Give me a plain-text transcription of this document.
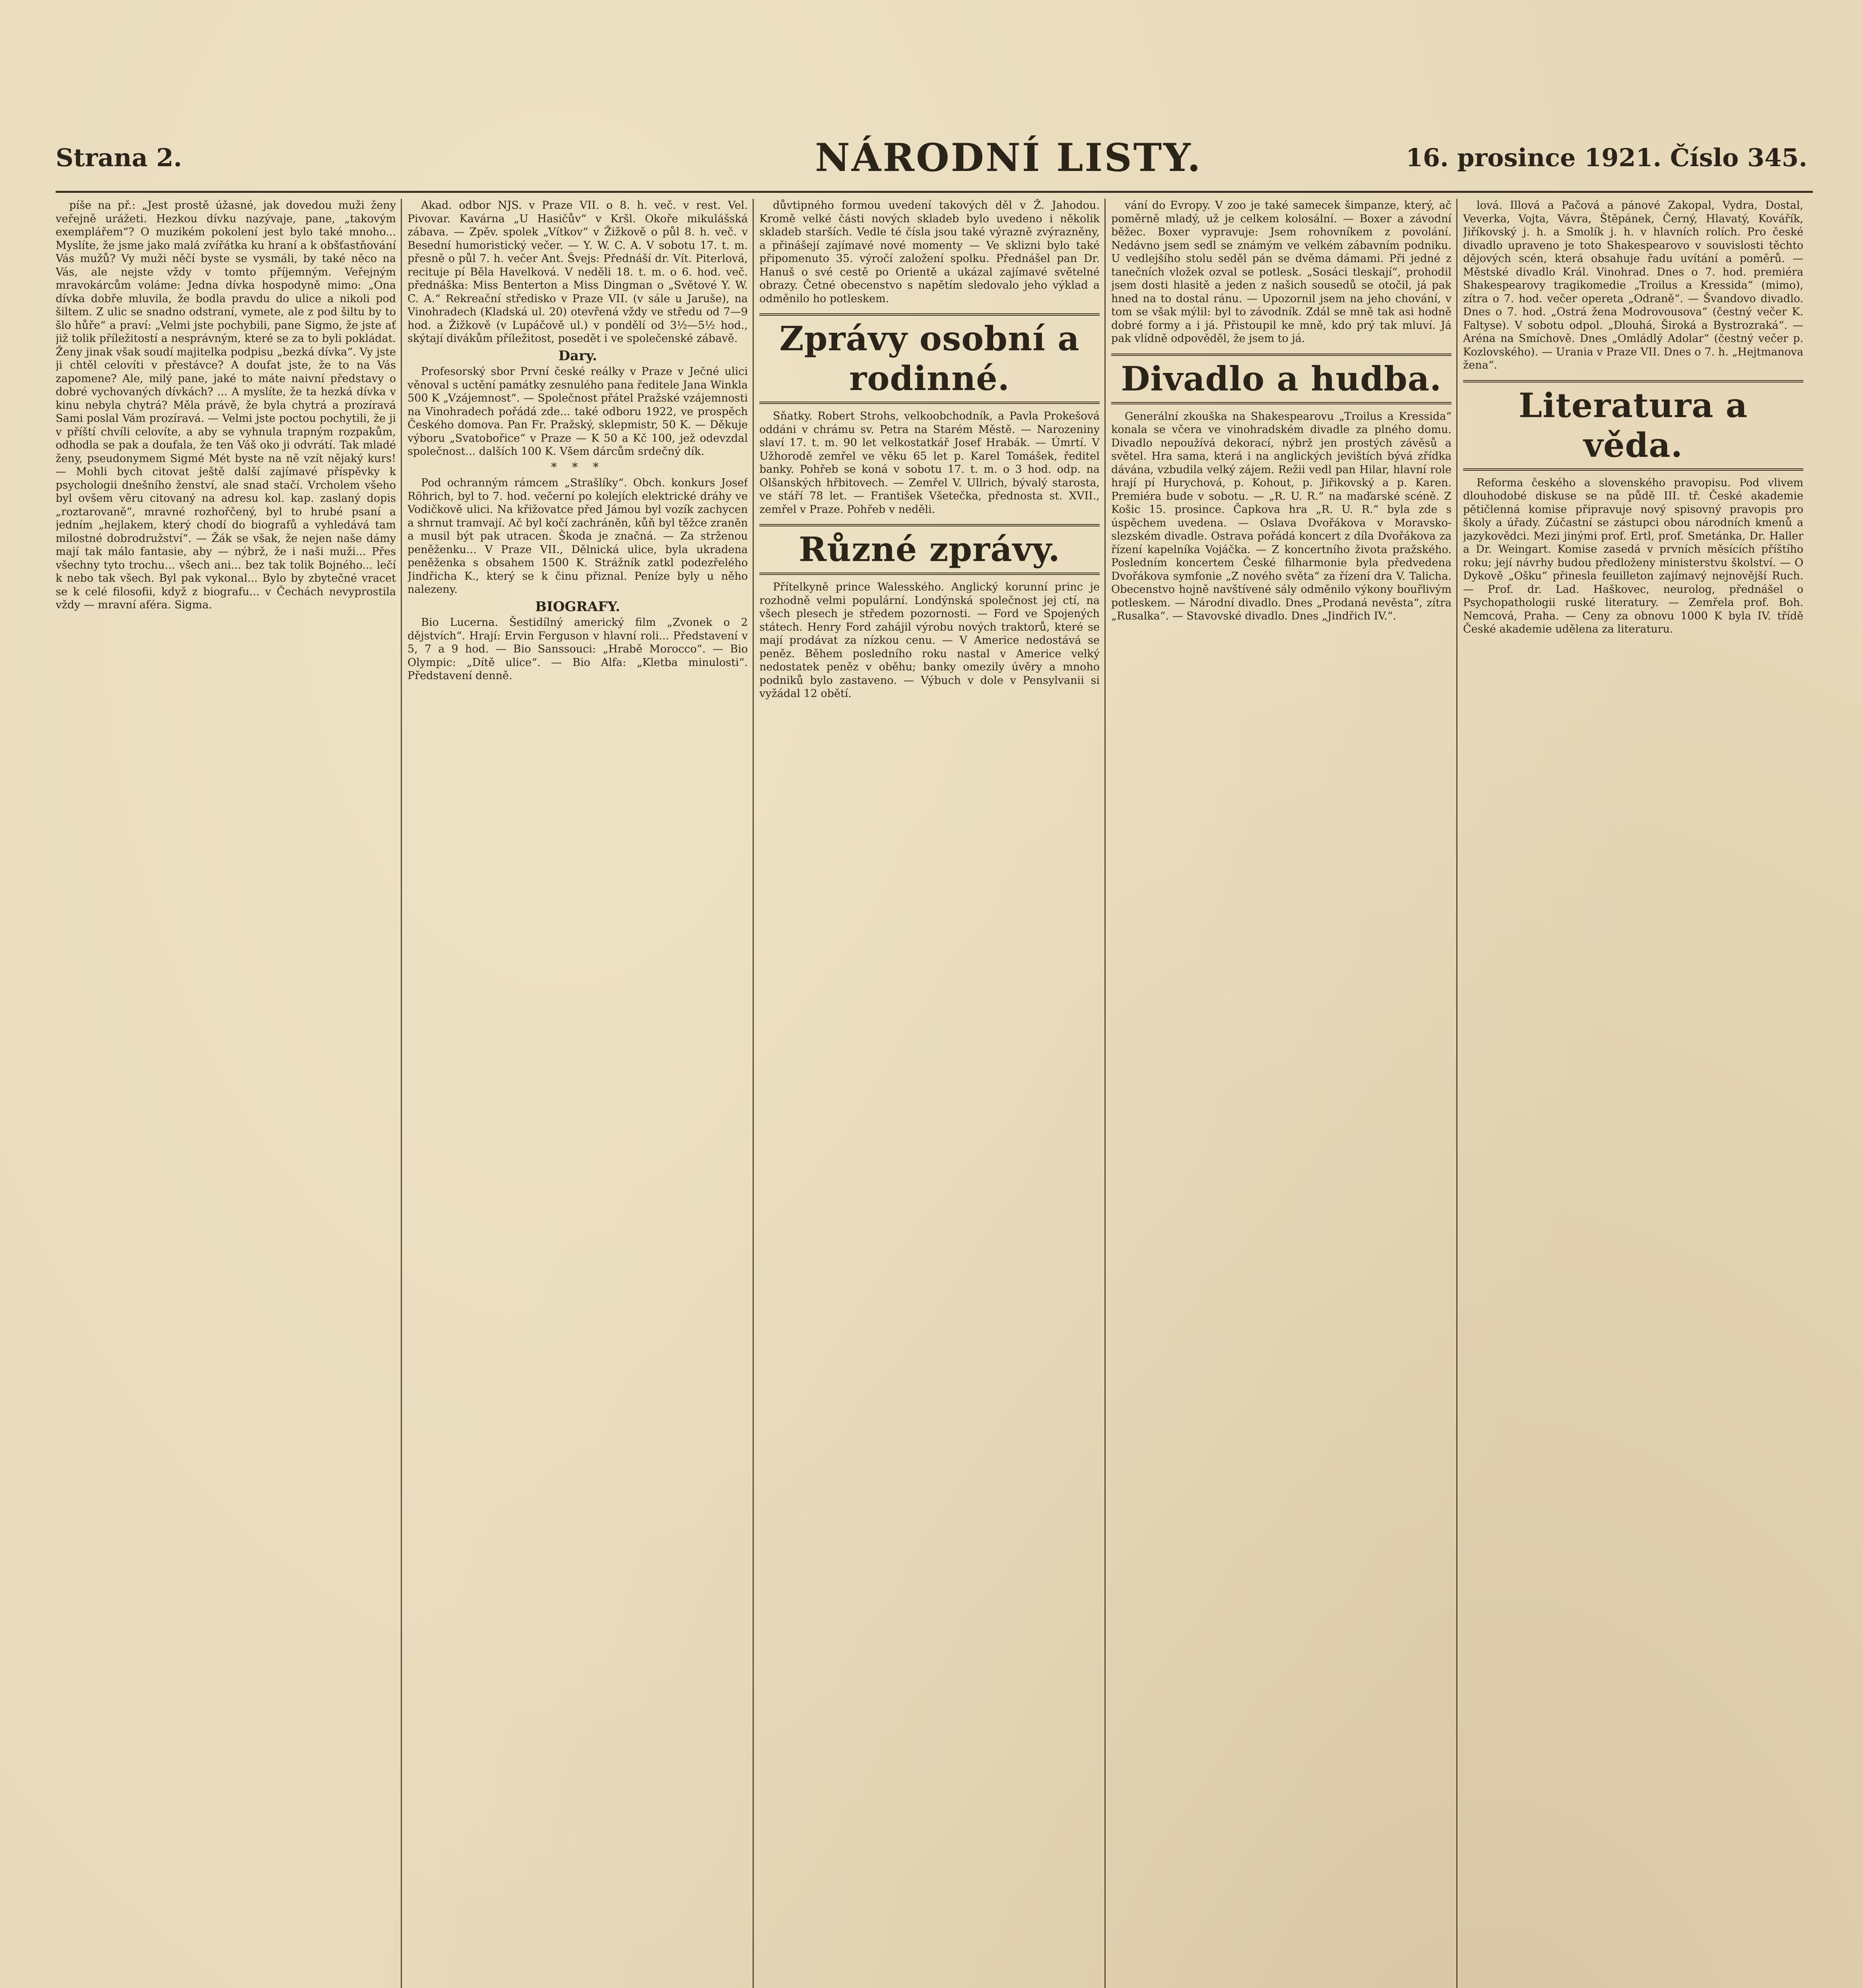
Strana 2.	NÁRODNÍ LISTY.	16. prosince 1921. Číslo 345.

píše na př.: „Jest prostě úžasné, jak dovedou muži ženy veřejně urážeti. Hezkou dívku nazývaje, pane, „takovým exemplářem“? O muzikém pokolení jest bylo také mnoho... Myslíte, že jsme jako malá zvířátka ku hraní a k obšťastňování Vás mužů? Vy muži něčí byste se vysmáli, by také něco na Vás, ale nejste vždy v tomto příjemným. Veřejným mravokárcům voláme: Jedna dívka hospodyně mimo: „Ona dívka dobře mluvila, že bodla pravdu do ulice a nikoli pod šiltem. Z ulic se snadno odstraní, vymete, ale z pod šiltu by to šlo hůře“ a praví: „Velmi jste pochybili, pane Sigmo, že jste ať již tolik příležitostí a nesprávným, které se za to byli pokládat. Ženy jinak však soudí majitelka podpisu „bezká dívka“. Vy jste ji chtěl celovíti v přestávce? A doufat jste, že to na Vás zapomene? Ale, milý pane, jaké to máte naivní představy o dobré vychovaných dívkách? ... A myslíte, že ta hezká dívka v kinu nebyla chytrá? Měla právě, že byla chytrá a prozíravá Sami poslal Vám prozíravá. — Velmi jste poctou pochytili, že ji v příští chvíli celovíte, a aby se vyhnula trapným rozpakům, odhodla se pak a doufala, že ten Váš oko ji odvrátí. Tak mladé ženy, pseudonymem Sigmé Mét byste na ně vzít nějaký kurs! — Mohli bych citovat ještě další zajímavé příspěvky k psychologii dnešního ženství, ale snad stačí. Vrcholem všeho byl ovšem věru citovaný na adresu kol. kap. zaslaný dopis „roztarovaně“, mravné rozhořčený, byl to hrubé psaní a jedním „hejlakem, který chodí do biografů a vyhledává tam milostné dobrodružství“. — Žák se však, že nejen naše dámy mají tak málo fantasie, aby — nýbrž, že i naši muži... Přes všechny tyto trochu... všech ani... bez tak tolik Bojného... lečí k nebo tak všech. Byl pak vykonal... Bylo by zbytečné vracet se k celé filosofii, když z biografu... v Čechách nevyprostila vždy — mravní aféra. Sigma.

Akad. odbor NJS. v Praze VII. o 8. h. več. v rest. Vel. Pivovar. Kavárna „U Hasičův“ v Kršl. Okoře mikulášská zábava. — Zpěv. spolek „Vítkov“ v Žižkově o půl 8. h. več. v Besední humoristický večer. — Y. W. C. A. V sobotu 17. t. m. přesně o půl 7. h. večer Ant. Švejs: Přednáší dr. Vít. Piterlová, recituje pí Běla Havelková. V neděli 18. t. m. o 6. hod. več. přednáška: Miss Benterton a Miss Dingman o „Světové Y. W. C. A.“ Rekreační středisko v Praze VII. (v sále u Jaruše), na Vinohradech (Kladská ul. 20) otevřená vždy ve středu od 7—9 hod. a Žižkově (v Lupáčově ul.) v pondělí od 3½—5½ hod., skýtají divákům příležitost, posedět i ve společenské zábavě.

Dary.

Profesorský sbor První české reálky v Praze v Ječné ulici věnoval s uctění památky zesnulého pana ředitele Jana Winkla 500 K „Vzájemnost“. — Společnost přátel Pražské vzájemnosti na Vinohradech pořádá zde... také odboru 1922, ve prospěch Českého domova. Pan Fr. Pražský, sklepmistr, 50 K. — Děkuje výboru „Svatobořice“ v Praze — K 50 a Kč 100, jež odevzdal společnost... dalších 100 K. Všem dárcům srdečný dík.

* * *

Pod ochranným rámcem „Strašlíky“. Obch. konkurs Josef Röhrich, byl to 7. hod. večerní po kolejích elektrické dráhy ve Vodičkově ulici. Na křižovatce před Jámou byl vozík zachycen a shrnut tramvají. Ač byl kočí zachráněn, kůň byl těžce zraněn a musil být pak utracen. Škoda je značná. — Za strženou peněženku... V Praze VII., Dělnická ulice, byla ukradena peněženka s obsahem 1500 K. Strážník zatkl podezřelého Jindřicha K., který se k činu přiznal. Peníze byly u něho nalezeny.

BIOGRAFY.

Bio Lucerna. Šestidílný americký film „Zvonek o 2 dějstvích“. Hrají: Ervin Ferguson v hlavní roli... Představení v 5, 7 a 9 hod. — Bio Sanssouci: „Hrabě Morocco“. — Bio Olympic: „Dítě ulice“. — Bio Alfa: „Kletba minulosti“. Představení denně.

důvtipného formou uvedení takových děl v Ž. Jahodou. Kromě velké části nových skladeb bylo uvedeno i několik skladeb starších. Vedle té čísla jsou také výrazně zvýrazněny, a přinášejí zajímavé nové momenty — Ve sklizni bylo také připomenuto 35. výročí založení spolku. Přednášel pan Dr. Hanuš o své cestě po Orientě a ukázal zajímavé světelné obrazy. Četné obecenstvo s napětím sledovalo jeho výklad a odměnilo ho potleskem.

Zprávy osobní a rodinné.

Sňatky. Robert Strohs, velkoobchodník, a Pavla Prokešová oddáni v chrámu sv. Petra na Starém Městě. — Narozeniny slaví 17. t. m. 90 let velkostatkář Josef Hrabák. — Úmrtí. V Užhorodě zemřel ve věku 65 let p. Karel Tomášek, ředitel banky. Pohřeb se koná v sobotu 17. t. m. o 3 hod. odp. na Olšanských hřbitovech. — Zemřel V. Ullrich, bývalý starosta, ve stáří 78 let. — František Všetečka, přednosta st. XVII., zemřel v Praze. Pohřeb v neděli.

Různé zprávy.

Přítelkyně prince Walesského. Anglický korunní princ je rozhodně velmi populární. Londýnská společnost jej ctí, na všech plesech je středem pozornosti. — Ford ve Spojených státech. Henry Ford zahájil výrobu nových traktorů, které se mají prodávat za nízkou cenu. — V Americe nedostává se peněz. Během posledního roku nastal v Americe velký nedostatek peněz v oběhu; banky omezily úvěry a mnoho podniků bylo zastaveno. — Výbuch v dole v Pensylvanii si vyžádal 12 obětí.

vání do Evropy. V zoo je také samecek šimpanze, který, ač poměrně mladý, už je celkem kolosální. — Boxer a závodní běžec. Boxer vypravuje: Jsem rohovníkem z povolání. Nedávno jsem sedl se známým ve velkém zábavním podniku. U vedlejšího stolu seděl pán se dvěma dámami. Při jedné z tanečních vložek ozval se potlesk. „Sosáci tleskají“, prohodil jsem dosti hlasitě a jeden z našich sousedů se otočil, já pak hned na to dostal ránu. — Upozornil jsem na jeho chování, v tom se však mýlil: byl to závodník. Zdál se mně tak asi hodně dobré formy a i já. Přistoupil ke mně, kdo prý tak mluví. Já pak vlídně odpověděl, že jsem to já.

Divadlo a hudba.

Generální zkouška na Shakespearovu „Troilus a Kressida“ konala se včera ve vinohradském divadle za plného domu. Divadlo nepoužívá dekorací, nýbrž jen prostých závěsů a světel. Hra sama, která i na anglických jevištích bývá zřídka dávána, vzbudila velký zájem. Režii vedl pan Hilar, hlavní role hrají pí Hurychová, p. Kohout, p. Jiřikovský a p. Karen. Premiéra bude v sobotu. — „R. U. R.“ na maďarské scéně. Z Košic 15. prosince. Čapkova hra „R. U. R.“ byla zde s úspěchem uvedena. — Oslava Dvořákova v Moravsko-slezském divadle. Ostrava pořádá koncert z díla Dvořákova za řízení kapelníka Vojáčka. — Z koncertního života pražského. Posledním koncertem České filharmonie byla předvedena Dvořákova symfonie „Z nového světa“ za řízení dra V. Talicha. Obecenstvo hojně navštívené sály odměnilo výkony bouřlivým potleskem. — Národní divadlo. Dnes „Prodaná nevěsta“, zítra „Rusalka“. — Stavovské divadlo. Dnes „Jindřich IV.“.

lová. Illová a Pačová a pánové Zakopal, Vydra, Dostal, Veverka, Vojta, Vávra, Štěpánek, Černý, Hlavatý, Kovářík, Jiříkovský j. h. a Smolík j. h. v hlavních rolích. Pro české divadlo upraveno je toto Shakespearovo v souvislosti těchto dějových scén, která obsahuje řadu uvítání a poměrů. — Městské divadlo Král. Vinohrad. Dnes o 7. hod. premiéra Shakespearovy tragikomedie „Troilus a Kressida“ (mimo), zítra o 7. hod. večer opereta „Odraně“. — Švandovo divadlo. Dnes o 7. hod. „Ostrá žena Modrovousova“ (čestný večer K. Faltyse). V sobotu odpol. „Dlouhá, Široká a Bystrozraká“. — Aréna na Smíchově. Dnes „Omládlý Adolar“ (čestný večer p. Kozlovského). — Urania v Praze VII. Dnes o 7. h. „Hejtmanova žena“.

Literatura a věda.

Reforma českého a slovenského pravopisu. Pod vlivem dlouhodobé diskuse se na půdě III. tř. České akademie pětičlenná komise připravuje nový spisovný pravopis pro školy a úřady. Zúčastní se zástupci obou národních kmenů a jazykovědci. Mezi jinými prof. Ertl, prof. Smetánka, Dr. Haller a Dr. Weingart. Komise zasedá v prvních měsících příštího roku; její návrhy budou předloženy ministerstvu školství. — O Dykově „Ošku“ přinesla feuilleton zajímavý nejnovější Ruch. — Prof. dr. Lad. Haškovec, neurolog, přednášel o Psychopathologii ruské literatury. — Zemřela prof. Boh. Nemcová, Praha. — Ceny za obnovu 1000 K byla IV. třídě České akademie udělena za literaturu.
